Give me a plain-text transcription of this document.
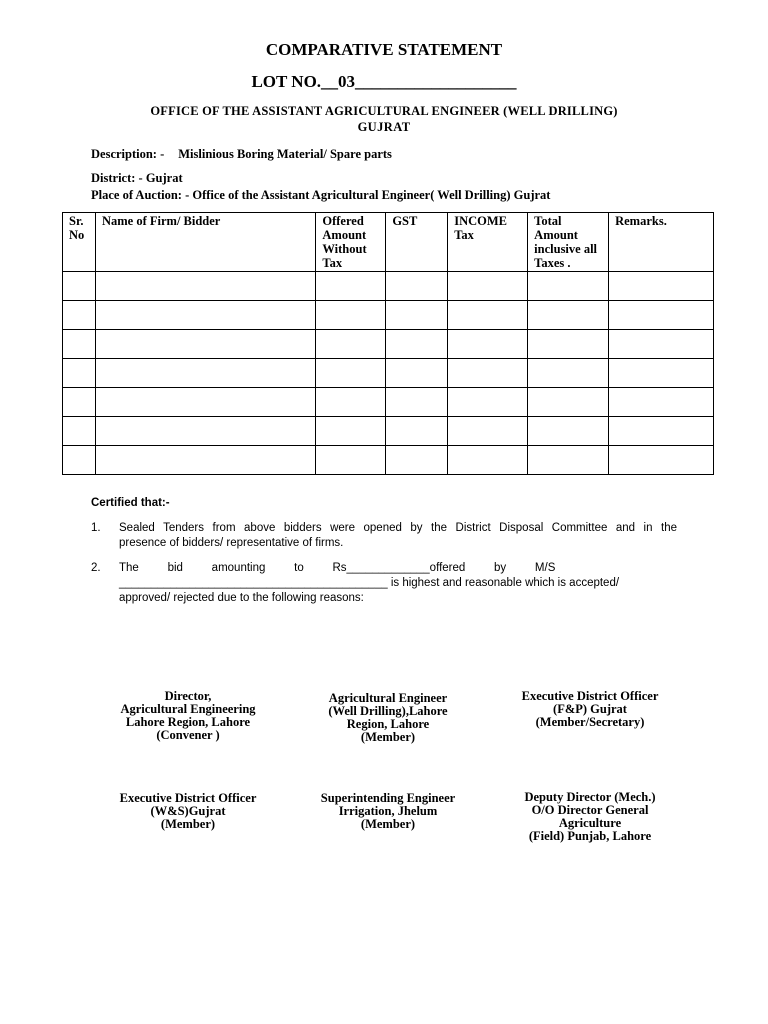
COMPARATIVE STATEMENT
LOT NO.__03___________________
OFFICE OF THE ASSISTANT AGRICULTURAL ENGINEER (WELL DRILLING)
GUJRAT
Description: - Mislinious Boring Material/ Spare parts
District: - Gujrat
Place of Auction: - Office of the Assistant Agricultural Engineer( Well Drilling) Gujrat
Sr. No	Name of Firm/ Bidder	Offered Amount Without Tax	GST	INCOME Tax	Total Amount inclusive all Taxes .	Remarks.

Certified that:-
1. Sealed Tenders from above bidders were opened by the District Disposal Committee and in the
presence of bidders/ representative of firms.
2. The         bid         amounting         to         Rs_____________offered         by         M/S
__________________________________________ is highest and reasonable which is accepted/
approved/ rejected due to the following reasons:
Director,
Agricultural Engineering
Lahore Region, Lahore
(Convener )
Agricultural Engineer
(Well Drilling),Lahore
Region, Lahore
(Member)
Executive District Officer
(F&P) Gujrat
(Member/Secretary)
Executive District Officer
(W&S)Gujrat
(Member)
Superintending Engineer
Irrigation, Jhelum
(Member)
Deputy Director (Mech.)
O/O Director General
Agriculture
(Field) Punjab, Lahore
